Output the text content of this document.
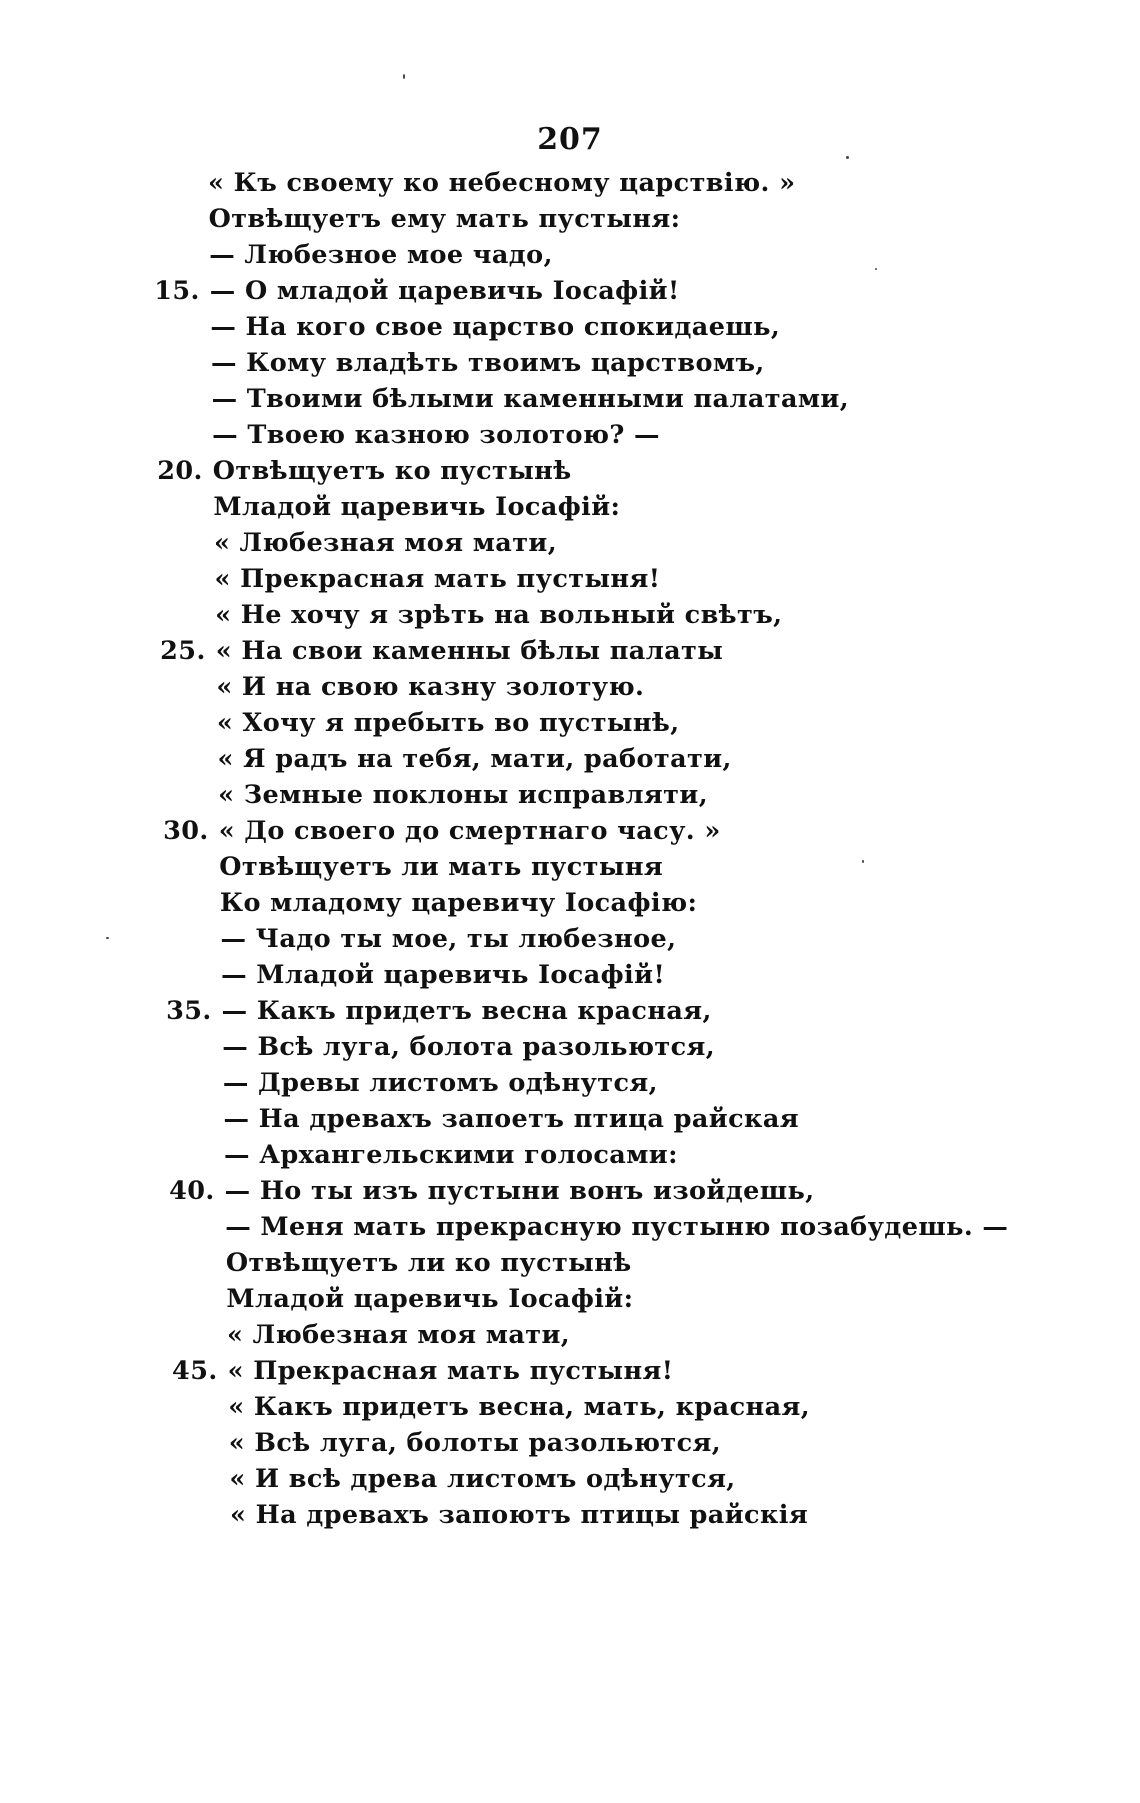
207
« Къ своему ко небесному царствію. »
Отвѣщуетъ ему мать пустыня:
— Любезное мое чадо,
15. — О младой царевичь Іосафій!
— На кого свое царство спокидаешь,
— Кому владѣть твоимъ царствомъ,
— Твоими бѣлыми каменными палатами,
— Твоею казною золотою? —
20. Отвѣщуетъ ко пустынѣ
Младой царевичь Іосафій:
« Любезная моя мати,
« Прекрасная мать пустыня!
« Не хочу я зрѣть на вольный свѣтъ,
25. « На свои каменны бѣлы палаты
« И на свою казну золотую.
« Хочу я пребыть во пустынѣ,
« Я радъ на тебя, мати, работати,
« Земные поклоны исправляти,
30. « До своего до смертнаго часу. »
Отвѣщуетъ ли мать пустыня
Ко младому царевичу Іосафію:
— Чадо ты мое, ты любезное,
— Младой царевичь Іосафій!
35. — Какъ придетъ весна красная,
— Всѣ луга, болота разольются,
— Древы листомъ одѣнутся,
— На древахъ запоетъ птица райская
— Архангельскими голосами:
40. — Но ты изъ пустыни вонъ изойдешь,
— Меня мать прекрасную пустыню позабудешь. —
Отвѣщуетъ ли ко пустынѣ
Младой царевичь Іосафій:
« Любезная моя мати,
45. « Прекрасная мать пустыня!
« Какъ придетъ весна, мать, красная,
« Всѣ луга, болоты разольются,
« И всѣ древа листомъ одѣнутся,
« На древахъ запоютъ птицы райскія
